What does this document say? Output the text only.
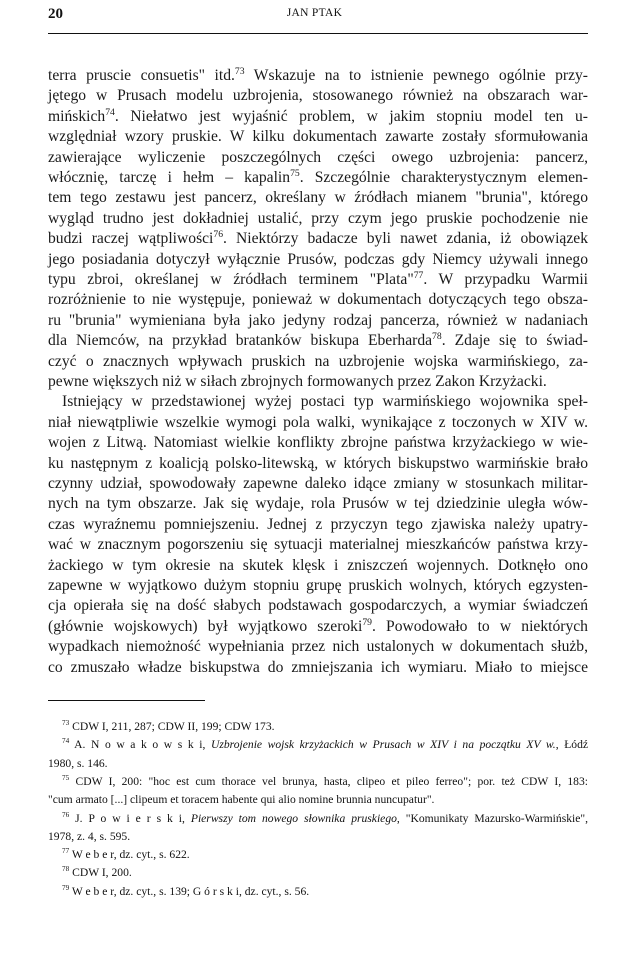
20	JAN PTAK
terra pruscie consuetis" itd.$^{73}$ Wskazuje na to istnienie pewnego ogólnie przy-
jętego w Prusach modelu uzbrojenia, stosowanego również na obszarach war-
mińskich$^{74}$. Niełatwo jest wyjaśnić problem, w jakim stopniu model ten u-
względniał wzory pruskie. W kilku dokumentach zawarte zostały sformułowania
zawierające wyliczenie poszczególnych części owego uzbrojenia: pancerz,
włócznię, tarczę i hełm – kapalin$^{75}$. Szczególnie charakterystycznym elemen-
tem tego zestawu jest pancerz, określany w źródłach mianem "brunia", którego
wygląd trudno jest dokładniej ustalić, przy czym jego pruskie pochodzenie nie
budzi raczej wątpliwości$^{76}$. Niektórzy badacze byli nawet zdania, iż obowiązek
jego posiadania dotyczył wyłącznie Prusów, podczas gdy Niemcy używali innego
typu zbroi, określanej w źródłach terminem "Plata"$^{77}$. W przypadku Warmii
rozróżnienie to nie występuje, ponieważ w dokumentach dotyczących tego obsza-
ru "brunia" wymieniana była jako jedyny rodzaj pancerza, również w nadaniach
dla Niemców, na przykład bratanków biskupa Eberharda$^{78}$. Zdaje się to świad-
czyć o znacznych wpływach pruskich na uzbrojenie wojska warmińskiego, za-
pewne większych niż w siłach zbrojnych formowanych przez Zakon Krzyżacki.
Istniejący w przedstawionej wyżej postaci typ warmińskiego wojownika speł-
niał niewątpliwie wszelkie wymogi pola walki, wynikające z toczonych w XIV w.
wojen z Litwą. Natomiast wielkie konflikty zbrojne państwa krzyżackiego w wie-
ku następnym z koalicją polsko-litewską, w których biskupstwo warmińskie brało
czynny udział, spowodowały zapewne daleko idące zmiany w stosunkach militar-
nych na tym obszarze. Jak się wydaje, rola Prusów w tej dziedzinie uległa wów-
czas wyraźnemu pomniejszeniu. Jednej z przyczyn tego zjawiska należy upatry-
wać w znacznym pogorszeniu się sytuacji materialnej mieszkańców państwa krzy-
żackiego w tym okresie na skutek klęsk i zniszczeń wojennych. Dotknęło ono
zapewne w wyjątkowo dużym stopniu grupę pruskich wolnych, których egzysten-
cja opierała się na dość słabych podstawach gospodarczych, a wymiar świadczeń
(głównie wojskowych) był wyjątkowo szeroki$^{79}$. Powodowało to w niektórych
wypadkach niemożność wypełniania przez nich ustalonych w dokumentach służb,
co zmuszało władze biskupstwa do zmniejszania ich wymiaru. Miało to miejsce
$^{73}$ CDW I, 211, 287; CDW II, 199; CDW 173.
$^{74}$ A. N o w a k o w s k i, Uzbrojenie wojsk krzyżackich w Prusach w XIV i na początku XV w., Łódź
1980, s. 146.
$^{75}$ CDW I, 200: "hoc est cum thorace vel brunya, hasta, clipeo et pileo ferreo"; por. też CDW I, 183:
"cum armato [...] clipeum et toracem habente qui alio nomine brunnia nuncupatur".
$^{76}$ J. P o w i e r s k i, Pierwszy tom nowego słownika pruskiego, "Komunikaty Mazursko-Warmińskie",
1978, z. 4, s. 595.
$^{77}$ W e b e r, dz. cyt., s. 622.
$^{78}$ CDW I, 200.
$^{79}$ W e b e r, dz. cyt., s. 139; G ó r s k i, dz. cyt., s. 56.
